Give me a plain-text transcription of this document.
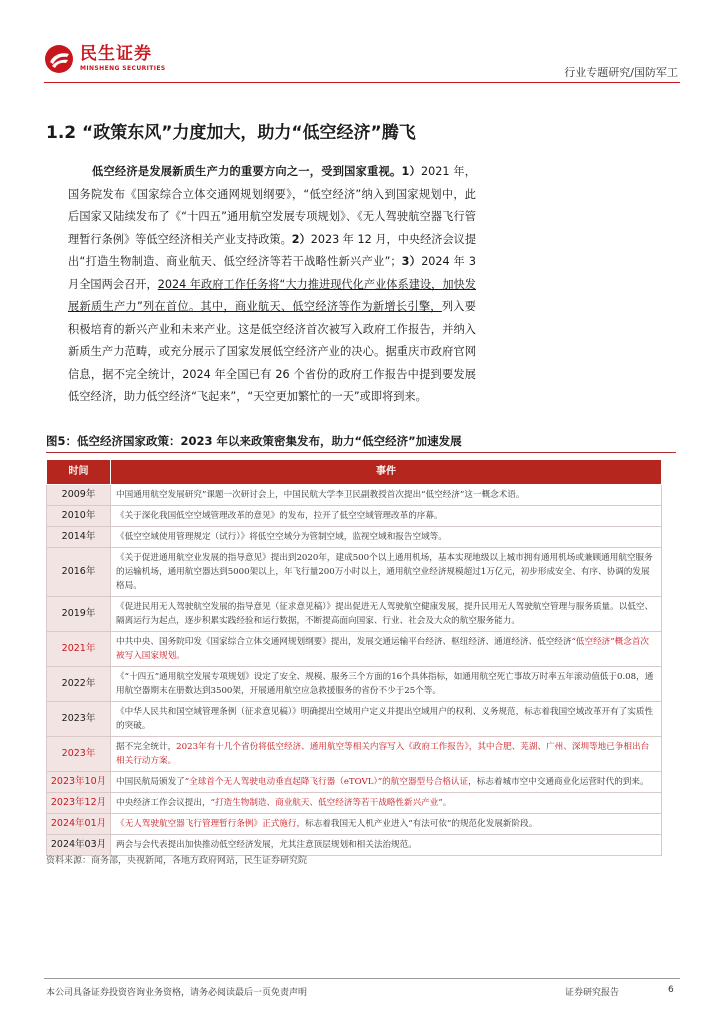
民生证券
MINSHENG SECURITIES	行业专题研究/国防军工
1.2 “政策东风”力度加大，助力“低空经济”腾飞
低空经济是发展新质生产力的重要方向之一，受到国家重视。1）2021 年，国务院发布《国家综合立体交通网规划纲要》，“低空经济”纳入到国家规划中，此后国家又陆续发布了《“十四五”通用航空发展专项规划》、《无人驾驶航空器飞行管理暂行条例》等低空经济相关产业支持政策。2）2023 年 12 月，中央经济会议提出“打造生物制造、商业航天、低空经济等若干战略性新兴产业”；3）2024 年 3 月全国两会召开，2024 年政府工作任务将“大力推进现代化产业体系建设，加快发展新质生产力”列在首位。其中，商业航天、低空经济等作为新增长引擎，列入要积极培育的新兴产业和未来产业。这是低空经济首次被写入政府工作报告，并纳入新质生产力范畴，或充分展示了国家发展低空经济产业的决心。据重庆市政府官网信息，据不完全统计，2024 年全国已有 26 个省份的政府工作报告中提到要发展低空经济，助力低空经济“飞起来”，“天空更加繁忙的一天”或即将到来。
图5：低空经济国家政策：2023 年以来政策密集发布，助力“低空经济”加速发展
时间	事件
2009年	中国通用航空发展研究”课题一次研讨会上，中国民航大学李卫民副教授首次提出“低空经济”这一概念术语。
2010年	《关于深化我国低空空域管理改革的意见》的发布，拉开了低空空域管理改革的序幕。
2014年	《低空空域使用管理规定（试行）》将低空空域分为管制空域，监视空域和报告空域等。
2016年	《关于促进通用航空业发展的指导意见》提出到2020年，建成500个以上通用机场，基本实现地级以上城市拥有通用机场或兼顾通用航空服务的运输机场，通用航空器达到5000架以上，年飞行量200万小时以上，通用航空业经济规模超过1万亿元，初步形成安全、有序、协调的发展格局。
2019年	《促进民用无人驾驶航空发展的指导意见（征求意见稿）》提出促进无人驾驶航空健康发展，提升民用无人驾驶航空管理与服务质量。以低空、隔离运行为起点，逐步积累实践经验和运行数据，不断提高面向国家、行业、社会及大众的航空服务能力。
2021年	中共中央、国务院印发《国家综合立体交通网规划纲要》提出，发展交通运输平台经济、枢纽经济、通道经济、低空经济“低空经济”概念首次被写入国家规划。
2022年	《“十四五”通用航空发展专项规划》设定了安全、规模、服务三个方面的16个具体指标，如通用航空死亡事故万时率五年滚动值低于0.08，通用航空器期末在册数达到3500架，开展通用航空应急救援服务的省份不少于25个等。
2023年	《中华人民共和国空域管理条例（征求意见稿）》明确提出空域用户定义并提出空域用户的权利、义务规范，标志着我国空域改革开有了实质性的突破。
2023年	据不完全统计，2023年有十几个省份将低空经济、通用航空等相关内容写入《政府工作报告》，其中合肥、芜湖、广州、深圳等地已争相出台相关行动方案。
2023年10月	中国民航局颁发了“全球首个无人驾驶电动垂直起降飞行器（eTOVL）”的航空器型号合格认证，标志着城市空中交通商业化运营时代的到来。
2023年12月	中央经济工作会议提出，“打造生物制造、商业航天、低空经济等若干战略性新兴产业”。
2024年01月	《无人驾驶航空器飞行管理暂行条例》正式施行，标志着我国无人机产业进入“有法可依”的规范化发展新阶段。
2024年03月	两会与会代表提出加快推动低空经济发展，尤其注意顶层规划和相关法治规范。
资料来源：商务部，央视新闻，各地方政府网站，民生证券研究院
本公司具备证券投资咨询业务资格，请务必阅读最后一页免责声明	证券研究报告	6
